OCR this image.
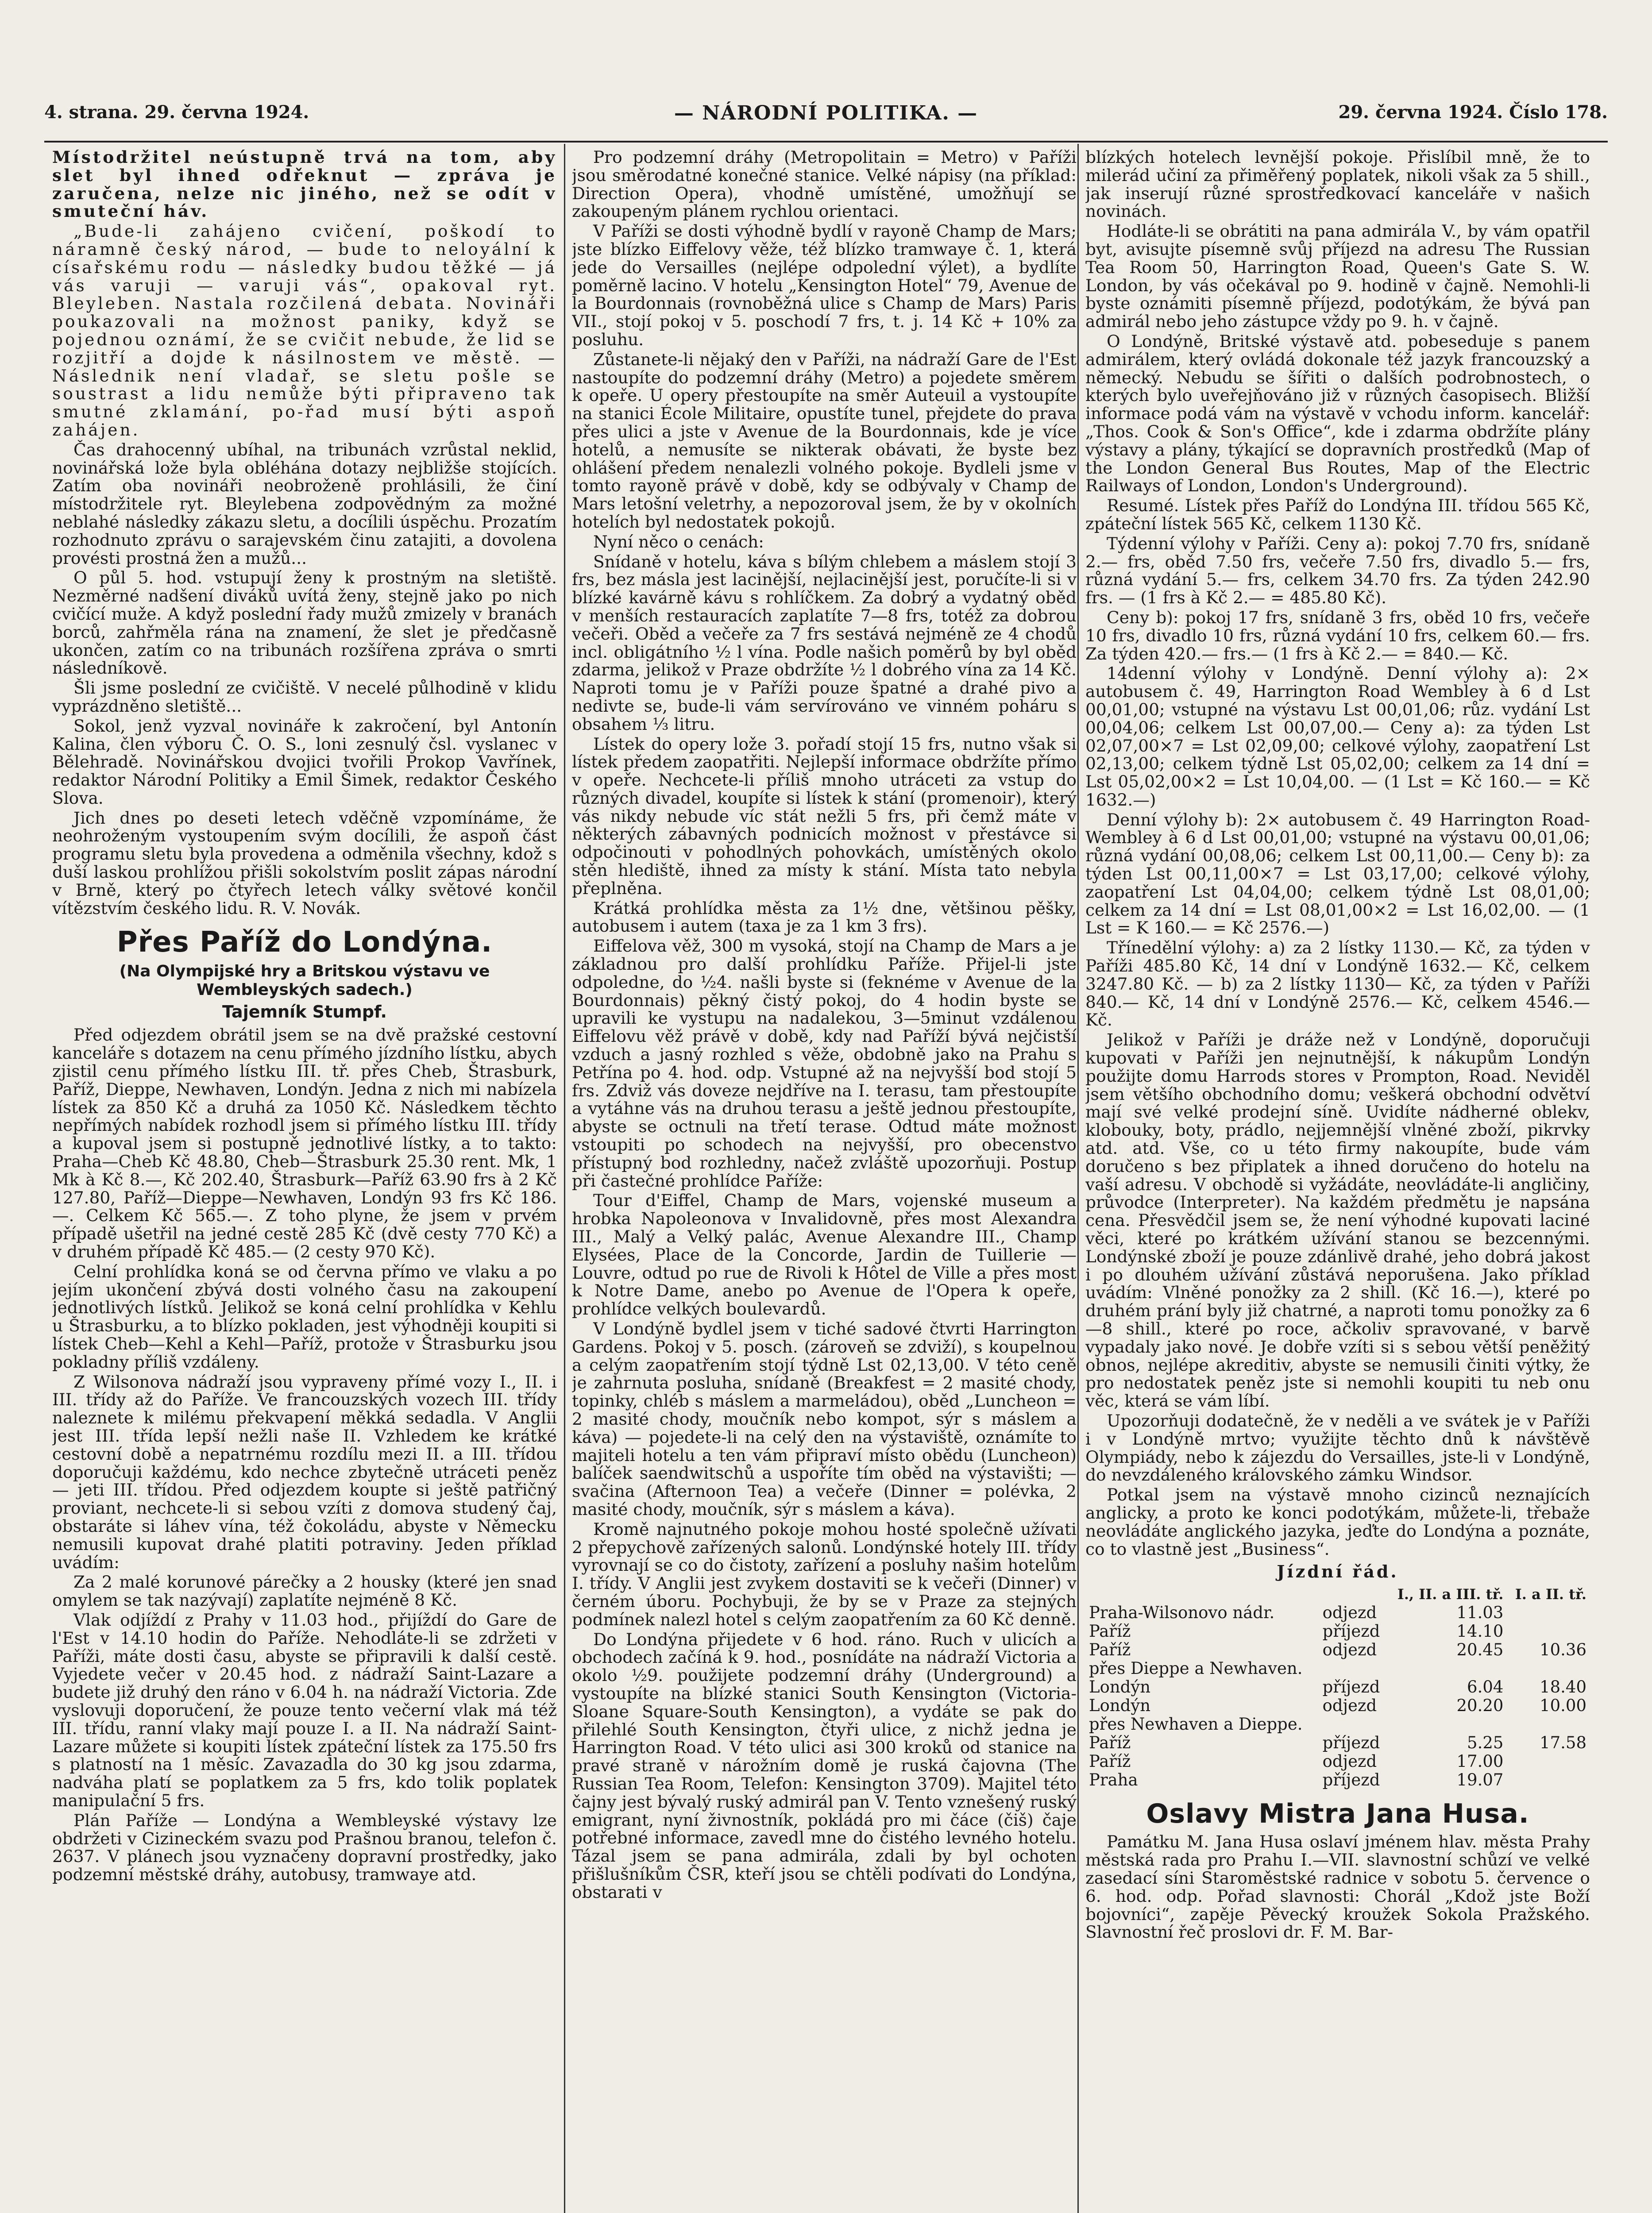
4. strana. 29. června 1924.	— NÁRODNÍ POLITIKA. —	29. června 1924. Číslo 178.

Místodržitel neústupně trvá na tom, aby slet byl ihned odřeknut — zpráva je zaručena, nelze nic jiného, než se odít v smuteční háv.

„Bude-li zahájeno cvičení, poškodí to náramně český národ, — bude to neloyální k císařskému rodu — následky budou těžké — já vás varuji — varuji vás“, opakoval ryt. Bleyleben. Nastala rozčilená debata. Novináři poukazovali na možnost paniky, když se pojednou oznámí, že se cvičit nebude, že lid se rozjitří a dojde k násilnostem ve městě. — Následnik není vladař, se sletu pošle se soustrast a lidu nemůže býti připraveno tak smutné zklamání, po-řad musí býti aspoň zahájen.

Čas drahocenný ubíhal, na tribunách vzrůstal neklid, novinářská lože byla obléhána dotazy nejbližše stojících. Zatím oba novináři neobroženě prohlásili, že činí místodržitele ryt. Bleylebena zodpovědným za možné neblahé následky zákazu sletu, a docílili úspěchu. Prozatím rozhodnuto zprávu o sarajevském činu zatajiti, a dovolena provésti prostná žen a mužů...

O půl 5. hod. vstupují ženy k prostným na sletiště. Nezměrné nadšení diváků uvítá ženy, stejně jako po nich cvičící muže. A když poslední řady mužů zmizely v branách borců, zahřměla rána na znamení, že slet je předčasně ukončen, zatím co na tribunách rozšířena zpráva o smrti následníkově.

Šli jsme poslední ze cvičiště. V necelé půlhodině v klidu vyprázdněno sletiště...

Sokol, jenž vyzval novináře k zakročení, byl Antonín Kalina, člen výboru Č. O. S., loni zesnulý čsl. vyslanec v Bělehradě. Novinářskou dvojici tvořili Prokop Vavřínek, redaktor Národní Politiky a Emil Šimek, redaktor Českého Slova.

Jich dnes po deseti letech vděčně vzpomínáme, že neohroženým vystoupením svým docílili, že aspoň část programu sletu byla provedena a odměnila všechny, kdož s duší laskou prohlížou přišli sokolstvím poslit zápas národní v Brně, který po čtyřech letech války světové končil vítězstvím českého lidu. R. V. Novák.

Přes Paříž do Londýna.
(Na Olympijské hry a Britskou výstavu ve Wembleyských sadech.)
Tajemník Stumpf.

Před odjezdem obrátil jsem se na dvě pražské cestovní kanceláře s dotazem na cenu přímého jízdního lístku, abych zjistil cenu přímého lístku III. tř. přes Cheb, Štrasburk, Paříž, Dieppe, Newhaven, Londýn. Jedna z nich mi nabízela lístek za 850 Kč a druhá za 1050 Kč. Následkem těchto nepřímých nabídek rozhodl jsem si přímého lístku III. třídy a kupoval jsem si postupně jednotlivé lístky, a to takto: Praha—Cheb Kč 48.80, Cheb—Štrasburk 25.30 rent. Mk, 1 Mk à Kč 8.—, Kč 202.40, Štrasburk—Paříž 63.90 frs à 2 Kč 127.80, Paříž—Dieppe—Newhaven, Londýn 93 frs Kč 186.—. Celkem Kč 565.—. Z toho plyne, že jsem v prvém případě ušetřil na jedné cestě 285 Kč (dvě cesty 770 Kč) a v druhém případě Kč 485.— (2 cesty 970 Kč).

Celní prohlídka koná se od června přímo ve vlaku a po jejím ukončení zbývá dosti volného času na zakoupení jednotlivých lístků. Jelikož se koná celní prohlídka v Kehlu u Štrasburku, a to blízko pokladen, jest výhodněji koupiti si lístek Cheb—Kehl a Kehl—Paříž, protože v Štrasburku jsou pokladny příliš vzdáleny.

Z Wilsonova nádraží jsou vypraveny přímé vozy I., II. i III. třídy až do Paříže. Ve francouzských vozech III. třídy naleznete k milému překvapení měkká sedadla. V Anglii jest III. třída lepší nežli naše II. Vzhledem ke krátké cestovní době a nepatrnému rozdílu mezi II. a III. třídou doporučuji každému, kdo nechce zbytečně utráceti peněz — jeti III. třídou. Před odjezdem koupte si ještě patřičný proviant, nechcete-li si sebou vzíti z domova studený čaj, obstaráte si láhev vína, též čokoládu, abyste v Německu nemusili kupovat drahé platiti potraviny. Jeden příklad uvádím:

Za 2 malé korunové párečky a 2 housky (které jen snad omylem se tak nazývají) zaplatíte nejméně 8 Kč.

Vlak odjíždí z Prahy v 11.03 hod., přijíždí do Gare de l'Est v 14.10 hodin do Paříže. Nehodláte-li se zdržeti v Paříži, máte dosti času, abyste se připravili k další cestě. Vyjedete večer v 20.45 hod. z nádraží Saint-Lazare a budete již druhý den ráno v 6.04 h. na nádraží Victoria. Zde vyslovuji doporučení, že pouze tento večerní vlak má též III. třídu, ranní vlaky mají pouze I. a II. Na nádraží Saint-Lazare můžete si koupiti lístek zpáteční lístek za 175.50 frs s platností na 1 měsíc. Zavazadla do 30 kg jsou zdarma, nadváha platí se poplatkem za 5 frs, kdo tolik poplatek manipulační 5 frs.

Plán Paříže — Londýna a Wembleyské výstavy lze obdržeti v Cizineckém svazu pod Prašnou branou, telefon č. 2637. V plánech jsou vyznačeny dopravní prostředky, jako podzemní městské dráhy, autobusy, tramwaye atd.

Pro podzemní dráhy (Metropolitain = Metro) v Paříži jsou směrodatné konečné stanice. Velké nápisy (na příklad: Direction Opera), vhodně umístěné, umožňují se zakoupeným plánem rychlou orientaci.

V Paříži se dosti výhodně bydlí v rayoně Champ de Mars; jste blízko Eiffelovy věže, též blízko tramwaye č. 1, která jede do Versailles (nejlépe odpolední výlet), a bydlíte poměrně lacino. V hotelu „Kensington Hotel“ 79, Avenue de la Bourdonnais (rovnoběžná ulice s Champ de Mars) Paris VII., stojí pokoj v 5. poschodí 7 frs, t. j. 14 Kč + 10% za posluhu.

Zůstanete-li nějaký den v Paříži, na nádraží Gare de l'Est nastoupíte do podzemní dráhy (Metro) a pojedete směrem k opeře. U opery přestoupíte na směr Auteuil a vystoupíte na stanici École Militaire, opustíte tunel, přejdete do prava přes ulici a jste v Avenue de la Bourdonnais, kde je více hotelů, a nemusíte se nikterak obávati, že byste bez ohlášení předem nenalezli volného pokoje. Bydleli jsme v tomto rayoně právě v době, kdy se odbývaly v Champ de Mars letošní veletrhy, a nepozoroval jsem, že by v okolních hotelích byl nedostatek pokojů.

Nyní něco o cenách:

Snídaně v hotelu, káva s bílým chlebem a máslem stojí 3 frs, bez másla jest lacinější, nejlacinější jest, poručíte-li si v blízké kavárně kávu s rohlíčkem. Za dobrý a vydatný oběd v menších restauracích zaplatíte 7—8 frs, totéž za dobrou večeři. Oběd a večeře za 7 frs sestává nejméně ze 4 chodů incl. obligátního ½ l vína. Podle našich poměrů by byl oběd zdarma, jelikož v Praze obdržíte ½ l dobrého vína za 14 Kč. Naproti tomu je v Paříži pouze špatné a drahé pivo a nedivte se, bude-li vám servírováno ve vinném poháru s obsahem ⅓ litru.

Lístek do opery lože 3. pořadí stojí 15 frs, nutno však si lístek předem zaopatřiti. Nejlepší informace obdržíte přímo v opeře. Nechcete-li příliš mnoho utráceti za vstup do různých divadel, koupíte si lístek k stání (promenoir), který vás nikdy nebude víc stát nežli 5 frs, při čemž máte v některých zábavných podnicích možnost v přestávce si odpočinouti v pohodlných pohovkách, umístěných okolo stěn hlediště, ihned za místy k stání. Místa tato nebyla přeplněna.

Krátká prohlídka města za 1½ dne, většinou pěšky, autobusem i autem (taxa je za 1 km 3 frs).

Eiffelova věž, 300 m vysoká, stojí na Champ de Mars a je základnou pro další prohlídku Paříže. Přijel-li jste odpoledne, do ½4. našli byste si (feknéme v Avenue de la Bourdonnais) pěkný čistý pokoj, do 4 hodin byste se upravili ke vystupu na nadalekou, 3—5minut vzdálenou Eiffelovu věž právě v době, kdy nad Paříží bývá nejčistší vzduch a jasný rozhled s věže, obdobně jako na Prahu s Petřína po 4. hod. odp. Vstupné až na nejvyšší bod stojí 5 frs. Zdviž vás doveze nejdříve na I. terasu, tam přestoupíte a vytáhne vás na druhou terasu a ještě jednou přestoupíte, abyste se octnuli na třetí terase. Odtud máte možnost vstoupiti po schodech na nejvyšší, pro obecenstvo přístupný bod rozhledny, načež zvláště upozorňuji. Postup při častečné prohlídce Paříže:

Tour d'Eiffel, Champ de Mars, vojenské museum a hrobka Napoleonova v Invalidovně, přes most Alexandra III., Malý a Velký palác, Avenue Alexandre III., Champ Elysées, Place de la Concorde, Jardin de Tuillerie — Louvre, odtud po rue de Rivoli k Hôtel de Ville a přes most k Notre Dame, anebo po Avenue de l'Opera k opeře, prohlídce velkých boulevardů.

V Londýně bydlel jsem v tiché sadové čtvrti Harrington Gardens. Pokoj v 5. posch. (zároveň se zdviží), s koupelnou a celým zaopatřením stojí týdně Lst 02,13,00. V této ceně je zahrnuta posluha, snídaně (Breakfest = 2 masité chody, topinky, chléb s máslem a marmeládou), oběd „Luncheon = 2 masité chody, moučník nebo kompot, sýr s máslem a káva) — pojedete-li na celý den na výstaviště, oznámíte to majiteli hotelu a ten vám připraví místo obědu (Luncheon) balíček saendwitschů a uspoříte tím oběd na výstavišti; — svačina (Afternoon Tea) a večeře (Dinner = polévka, 2 masité chody, moučník, sýr s máslem a káva).

Kromě najnutného pokoje mohou hosté společně užívati 2 přepychově zařízených salonů. Londýnské hotely III. třídy vyrovnají se co do čistoty, zařízení a posluhy našim hotelům I. třídy. V Anglii jest zvykem dostaviti se k večeři (Dinner) v černém úboru. Pochybuji, že by se v Praze za stejných podmínek nalezl hotel s celým zaopatřením za 60 Kč denně.

Do Londýna přijedete v 6 hod. ráno. Ruch v ulicích a obchodech začíná k 9. hod., posnídáte na nádraží Victoria a okolo ½9. použijete podzemní dráhy (Underground) a vystoupíte na blízké stanici South Kensington (Victoria-Sloane Square-South Kensington), a vydáte se pak do přilehlé South Kensington, čtyři ulice, z nichž jedna je Harrington Road. V této ulici asi 300 kroků od stanice na pravé straně v nárožním domě je ruská čajovna (The Russian Tea Room, Telefon: Kensington 3709). Majitel této čajny jest bývalý ruský admirál pan V. Tento vznešený ruský emigrant, nyní živnostník, pokládá pro mi čáce (čiš) čaje potřebné informace, zavedl mne do čistého levného hotelu. Tázal jsem se pana admirála, zdali by byl ochoten přišlušníkům ČSR, kteří jsou se chtěli podívati do Londýna, obstarati v

blízkých hotelech levnější pokoje. Přislíbil mně, že to milerád učiní za přiměřený poplatek, nikoli však za 5 shill., jak inserují různé sprostředkovací kanceláře v našich novinách.

Hodláte-li se obrátiti na pana admirála V., by vám opatřil byt, avisujte písemně svůj příjezd na adresu The Russian Tea Room 50, Harrington Road, Queen's Gate S. W. London, by vás očekával po 9. hodině v čajně. Nemohli-li byste oznámiti písemně příjezd, podotýkám, že bývá pan admirál nebo jeho zástupce vždy po 9. h. v čajně.

O Londýně, Britské výstavě atd. pobeseduje s panem admirálem, který ovládá dokonale též jazyk francouzský a německý. Nebudu se šířiti o dalších podrobnostech, o kterých bylo uveřejňováno již v různých časopisech. Bližší informace podá vám na výstavě v vchodu inform. kancelář: „Thos. Cook & Son's Office“, kde i zdarma obdržíte plány výstavy a plány, týkající se dopravních prostředků (Map of the London General Bus Routes, Map of the Electric Railways of London, London's Underground).

Resumé. Lístek přes Paříž do Londýna III. třídou 565 Kč, zpáteční lístek 565 Kč, celkem 1130 Kč.

Týdenní výlohy v Paříži. Ceny a): pokoj 7.70 frs, snídaně 2.— frs, oběd 7.50 frs, večeře 7.50 frs, divadlo 5.— frs, různá vydání 5.— frs, celkem 34.70 frs. Za týden 242.90 frs. — (1 frs à Kč 2.— = 485.80 Kč).

Ceny b): pokoj 17 frs, snídaně 3 frs, oběd 10 frs, večeře 10 frs, divadlo 10 frs, různá vydání 10 frs, celkem 60.— frs. Za týden 420.— frs.— (1 frs à Kč 2.— = 840.— Kč.

14denní výlohy v Londýně. Denní výlohy a): 2× autobusem č. 49, Harrington Road Wembley à 6 d Lst 00,01,00; vstupné na výstavu Lst 00,01,06; růz. vydání Lst 00,04,06; celkem Lst 00,07,00.— Ceny a): za týden Lst 02,07,00×7 = Lst 02,09,00; celkové výlohy, zaopatření Lst 02,13,00; celkem týdně Lst 05,02,00; celkem za 14 dní = Lst 05,02,00×2 = Lst 10,04,00. — (1 Lst = Kč 160.— = Kč 1632.—)

Denní výlohy b): 2× autobusem č. 49 Harrington Road-Wembley à 6 d Lst 00,01,00; vstupné na výstavu 00,01,06; různá vydání 00,08,06; celkem Lst 00,11,00.— Ceny b): za týden Lst 00,11,00×7 = Lst 03,17,00; celkové výlohy, zaopatření Lst 04,04,00; celkem týdně Lst 08,01,00; celkem za 14 dní = Lst 08,01,00×2 = Lst 16,02,00. — (1 Lst = K 160.— = Kč 2576.—)

Třínedělní výlohy: a) za 2 lístky 1130.— Kč, za týden v Paříži 485.80 Kč, 14 dní v Londýně 1632.— Kč, celkem 3247.80 Kč. — b) za 2 lístky 1130— Kč, za týden v Paříži 840.— Kč, 14 dní v Londýně 2576.— Kč, celkem 4546.— Kč.

Jelikož v Paříži je dráže než v Londýně, doporučuji kupovati v Paříži jen nejnutnější, k nákupům Londýn použijte domu Harrods stores v Prompton, Road. Neviděl jsem většího obchodního domu; veškerá obchodní odvětví mají své velké prodejní síně. Uvidíte nádherné oblekv, klobouky, boty, prádlo, nejjemnější vlněné zboží, pikrvky atd. atd. Vše, co u této firmy nakoupíte, bude vám doručeno s bez připlatek a ihned doručeno do hotelu na vaší adresu. V obchodě si vyžádáte, neovládáte-li angličiny, průvodce (Interpreter). Na každém předmětu je napsána cena. Přesvědčil jsem se, že není výhodné kupovati laciné věci, které po krátkém užívání stanou se bezcennými. Londýnské zboží je pouze zdánlivě drahé, jeho dobrá jakost i po dlouhém užívání zůstává neporušena. Jako příklad uvádím: Vlněné ponožky za 2 shill. (Kč 16.—), které po druhém prání byly již chatrné, a naproti tomu ponožky za 6—8 shill., které po roce, ačkoliv spravované, v barvě vypadaly jako nové. Je dobře vzíti si s sebou větší peněžitý obnos, nejlépe akreditiv, abyste se nemusili činiti výtky, že pro nedostatek peněz jste si nemohli koupiti tu neb onu věc, která se vám líbí.

Upozorňuji dodatečně, že v neděli a ve svátek je v Paříži i v Londýně mrtvo; využijte těchto dnů k návštěvě Olympiády, nebo k zájezdu do Versailles, jste-li v Londýně, do nevzdáleného královského zámku Windsor.

Potkal jsem na výstavě mnoho cizinců neznajících anglicky, a proto ke konci podotýkám, můžete-li, třebaže neovládáte anglického jazyka, jeďte do Londýna a poznáte, co to vlastně jest „Business“.

Jízdní řád.
		I., II. a III. tř.	I. a II. tř.
Praha-Wilsonovo nádr.	odjezd	11.03	
Paříž	příjezd	14.10	
Paříž	odjezd	20.45	10.36
přes Dieppe a Newhaven.			
Londýn	příjezd	6.04	18.40
Londýn	odjezd	20.20	10.00
přes Newhaven a Dieppe.			
Paříž	příjezd	5.25	17.58
Paříž	odjezd	17.00	
Praha	příjezd	19.07	
Oslavy Mistra Jana Husa.

Památku M. Jana Husa oslaví jménem hlav. města Prahy městská rada pro Prahu I.—VII. slavnostní schůzí ve velké zasedací síni Staroměstské radnice v sobotu 5. července o 6. hod. odp. Pořad slavnosti: Chorál „Kdož jste Boží bojovníci“, zapěje Pěvecký kroužek Sokola Pražského. Slavnostní řeč proslovi dr. F. M. Bar-
